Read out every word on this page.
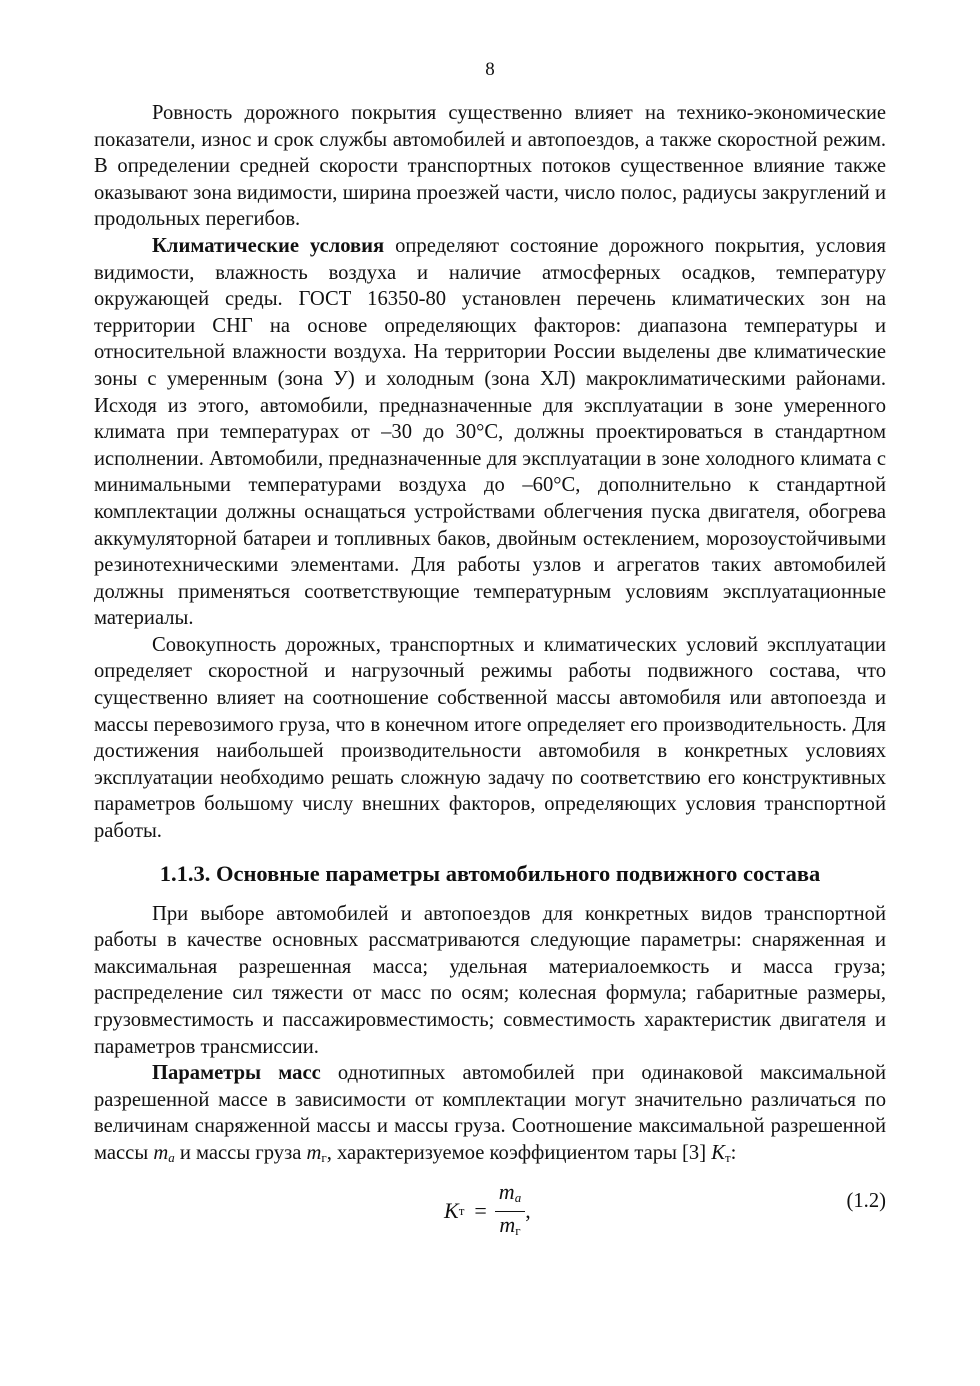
8

Ровность дорожного покрытия существенно влияет на технико-экономические показатели, износ и срок службы автомобилей и автопоездов, а также скоростной режим. В определении средней скорости транспортных потоков существенное влияние также оказывают зона видимости, ширина проезжей части, число полос, радиусы закруглений и продольных перегибов.

Климатические условия определяют состояние дорожного покрытия, условия видимости, влажность воздуха и наличие атмосферных осадков, температуру окружающей среды. ГОСТ 16350-80 установлен перечень климатических зон на территории СНГ на основе определяющих факторов: диапазона температуры и относительной влажности воздуха. На территории России выделены две климатические зоны с умеренным (зона У) и холодным (зона ХЛ) макроклиматическими районами. Исходя из этого, автомобили, предназначенные для эксплуатации в зоне умеренного климата при температурах от –30 до 30°С, должны проектироваться в стандартном исполнении. Автомобили, предназначенные для эксплуатации в зоне холодного климата с минимальными температурами воздуха до –60°С, дополнительно к стандартной комплектации должны оснащаться устройствами облегчения пуска двигателя, обогрева аккумуляторной батареи и топливных баков, двойным остеклением, морозоустойчивыми резинотехническими элементами. Для работы узлов и агрегатов таких автомобилей должны применяться соответствующие температурным условиям эксплуатационные материалы.

Совокупность дорожных, транспортных и климатических условий эксплуатации определяет скоростной и нагрузочный режимы работы подвижного состава, что существенно влияет на соотношение собственной массы автомобиля или автопоезда и массы перевозимого груза, что в конечном итоге определяет его производительность. Для достижения наибольшей производительности автомобиля в конкретных условиях эксплуатации необходимо решать сложную задачу по соответствию его конструктивных параметров большому числу внешних факторов, определяющих условия транспортной работы.

1.1.3. Основные параметры автомобильного подвижного состава

При выборе автомобилей и автопоездов для конкретных видов транспортной работы в качестве основных рассматриваются следующие параметры: снаряженная и максимальная разрешенная масса; удельная материалоемкость и масса груза; распределение сил тяжести от масс по осям; колесная формула; габаритные размеры, грузовместимость и пассажировместимость; совместимость характеристик двигателя и параметров трансмиссии.

Параметры масс однотипных автомобилей при одинаковой максимальной разрешенной массе в зависимости от комплектации могут значительно различаться по величинам снаряженной массы и массы груза. Соотношение максимальной разрешенной массы $m_a$ и массы груза $m_г$, характеризуемое коэффициентом тары [3] $K_т$:

K $т = \frac{m_a}{m_г}$ ,	(1.2)
